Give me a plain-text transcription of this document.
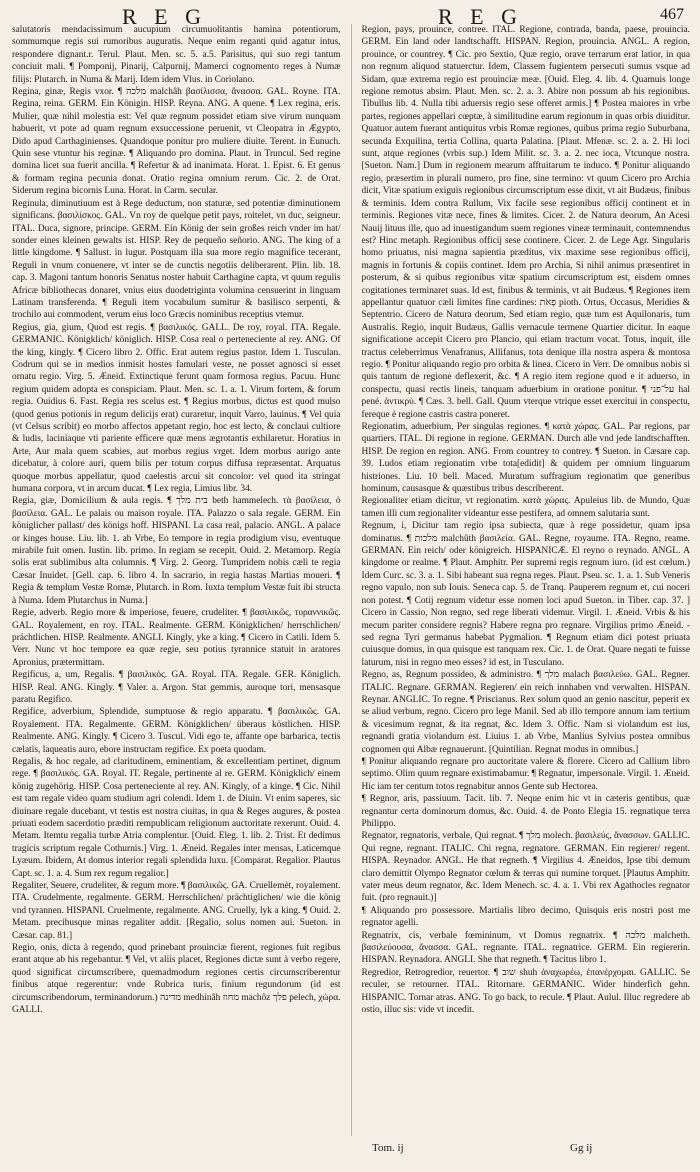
R E G	R E G	467

salutatoris mendacissimum aucupium circumuolitantis hamina potentiorum, sommumque regis sui rumoribus auguratis. Neque enim reganti quid agatur intus, respondere dignant.r. Terul. Plaut. Men. sc. 5. a.5. Parisitus, qui suo regi tantum conciuit mali. ¶ Pomponij, Pinarij, Calpurnij, Mamerci cognomento reges à Numæ filijs: Plutarch. in Numa & Marij. Idem idem Vlus. in Coriolano.

Regina, ginæ, Regis vxor. ¶ מלכה malchâh βασίλισσα, ἄνασσα. GAL. Royne. ITA. Regina, reina. GERM. Ein Königin. HISP. Reyna. ANG. A quene. ¶ Lex regina, eris. Mulier, quæ nihil molestia est: Vel quæ regnum possidet etiam sive virum nunquam habuerit, vt pote ad quam regnum exsuccessione peruenit, vt Cleopatra in Ægypto, Dido apud Carthaginienses. Quandoque ponitur pro muliere diuite. Terent. in Eunuch. Quin sese vtuntur his reginæ. ¶ Aliquando pro domina. Plaut. in Truncul. Sed regine domina licet sua fuerit ancilla. ¶ Refertur & ad inanimata. Horat. 1. Epist. 6. Et genus & formam regina pecunia donat. Oratio regina omnium rerum. Cic. 2. de Orat. Siderum regina bicornis Luna. Horat. in Carm. secular.

Reginula, diminutiuum est à Rege deductum, non staturæ, sed potentiæ diminutionem significans. βασιλίσκος. GAL. Vn roy de quelque petit pays, roitelet, vn duc, seigneur. ITAL. Duca, signore, principe. GERM. Ein König der sein großes reich vnder im hat/ sonder eines kleinen gewalts ist. HISP. Rey de pequeño señorio. ANG. The king of a little kingdome. ¶ Sallust. in lugur. Postquam illa sua more regio magnifice tecerant, Reguli in vnum conuenere, vt inter se de cunctis negotiis deliberarent. Plin. lib. 18. cap. 3. Magoni tantum honoris Senatus noster habuit Carthagine capta, vt quum regulis Africæ bibliothecas donaret, vnius eius duodetriginta volumina censuerint in linguam Latinam transferenda. ¶ Reguli item vocabulum sumitur & basilisco serpenti, & trochilo aui commodent, verum eius loco Græcis nominibus receptius vtemur.

Regius, gia, gium, Quod est regis. ¶ βασιλικός. GALL. De roy, royal. ITA. Regale. GERMANIC. Königklich/ königlich. HISP. Cosa real o perteneciente al rey. ANG. Of the king, kingly. ¶ Cicero libro 2. Offic. Erat autem regius pastor. Idem 1. Tusculan. Codrum qui se in medios inmisit hostes famulari veste, ne posset agnosci si esset ornatu regio. Virg. 5. Æneid. Extinctique ferunt quam formosa regius. Pacuu. Hunc regium quidem adopta es conspiciam. Plaut. Men. sc. 1. a. 1. Virum fortem, & forum regia. Ouidius 6. Fast. Regia res scelus est. ¶ Regius morbus, dictus est quod mulso (quod genus potionis in regum delicijs erat) curaretur, inquit Varro, lauinus. ¶ Vel quia (vt Celsus scribit) eo morbo affectos appetant regio, hoc est lecto, & conclaui cultiore & ludis, laciniaque vti pariente efficere quæ mens ægrotantis exhilaretur. Horatius in Arte, Aur mala quem scabies, aut morbus regius vrget. Idem morbus aurigo ante dicebatur, à colore auri, quem bilis per totum corpus diffusa repræsentat. Arquatus quoque morbus appellatur, quod caelestis arcui sit concolor: vel quod ita stringat humana corpora, vt in arcum ducat. ¶ Lex regia, Limius libr. 34.

Regia, giæ, Domicilium & aula regis. ¶ בית מלך beth hammelech. τὰ βασίλεια, ὁ βασίλεια. GAL. Le palais ou maison royale. ITA. Palazzo o sala regale. GERM. Ein königlicher pallast/ des königs hoff. HISPANI. La casa real, palacio. ANGL. A palace or kinges house. Liu. lib. 1. ab Vrbe, Eo tempore in regia prodigium visu, eventuque mirabile fuit omen. Iustin. lib. primo. In regiam se recepit. Ouid. 2. Metamorp. Regia solis erat sublimibus alta columnis. ¶ Virg. 2. Georg. Tumpridem nobis cæli te regia Cæsar Inuidet. [Gell. cap. 6. libro 4. In sacrario, in regia hastas Martias moueri. ¶ Regia & templum Vestæ Romæ, Plutarch. in Rom. Iuxta templum Vestæ fuit ibi structa à Numa. Idem Plutarchus in Numa.]

Regie, adverb. Regio more & imperiose, feuere, crudeliter. ¶ βασιλικῶς, τυραννικῶς. GAL. Royalement, en roy. ITAL. Realmente. GERM. Königklichen/ herrschlichen/ prächtlichen. HISP. Realmente. ANGLI. Kingly, yke a king. ¶ Cicero in Catili. Idem 5. Verr. Nunc vt hoc tempore ea quæ regie, seu potius tyrannice statuit in aratores Apronius, prætermittam.

Regificus, a, um, Regalis. ¶ βασιλικός. GA. Royal. ITA. Regale. GER. Königlich. HISP. Real. ANG. Kingly. ¶ Valer. a. Argon. Stat gemmis, auroque tori, mensasque paratu Regifico.

Regifice, adverbium, Splendide, sumptuose & regio apparatu. ¶ βασιλικῶς. GA. Royalement. ITA. Regalmente. GERM. Königklichen/ überaus köstlichen. HISP. Realmente. ANG. Kingly. ¶ Cicero 3. Tuscul. Vidi ego te, affante ope barbarica, tectis cælatis, laqueatis auro, ebore instructam regifice. Ex poeta quodam.

Regalis, & hoc regale, ad claritudinem, eminentiam, & excellentiam pertinet, dignum rege. ¶ βασιλικός. GA. Royal. IT. Regale, pertinente al re. GERM. Königklich/ einem könig zugehörig. HISP. Cosa perteneciente al rey. AN. Kingly, of a kinge. ¶ Cic. Nihil est tam regale video quam studium agri colendi. Idem 1. de Diuin. Vt enim saperes, sic diuinare regale ducebant, vt testis est nostra ciuitas, in qua & Reges augures, & postea priuati eodem sacerdotio præditi rempublicam religionum auctoritate rexerunt. Ouid. 4. Metam. Itemtu regalia turbæ Atria complentur. [Ouid. Eleg. 1. lib. 2. Trist. Et dedimus tragicis scriptum regale Cothurnis.] Virg. 1. Æneid. Regales inter mensas, Laticemque Lyæum. Ibidem, At domus interior regali splendida luxu. [Comparat. Regalior. Plautus Capt. sc. 1. a. 4. Sum rex regum regalior.]

Regaliter, Seuere, crudeliter, & regum more. ¶ βασιλικῶς. GA. Cruellemèt, royalement. ITA. Crudelmente, regalmente. GERM. Herrschlichen/ prächtiglichen/ wie die könig vnd tyrannen. HISPANI. Cruelmente, regalmente. ANG. Cruelly, lyk a king. ¶ Ouid. 2. Metam. precibusque minas regaliter addit. [Regalio, solus nomen aui. Sueton. in Cæsar. cap. 81.]

Regio, onis, dicta à regendo, quod prinebant prouinciæ fierent, regiones fuit regibus erant atque ab his regebantur. ¶ Vel, vt aliis placet, Regiones dictæ sunt à verbo regere, quod significat circumscribere, quemadmodum regiones certis circumscriberentur finibus atque regerentur: vnde Rubrica turis, finium regundorum (id est circumscribendorum, terminandorum.) מדינה medhinâh מחוז machôz פלך pelech, χώρα. GALLI.

Region, pays, prouince, contree. ITAL. Regione, contrada, banda, paese, prouincia. GERM. Ein land oder landtschafft. HISPAN. Region, prouincia. ANGL. A region, prouince, or countrey. ¶ Cic. pro Sextio, Quæ regio, orave terrarum erat latior, in qua non regnum aliquod statuerctur. Idem, Classem fugientem persecuti sumus vsque ad Sidam, quæ extrema regio est prouinciæ meæ. [Ouid. Eleg. 4. lib. 4. Quamuis longe regione remotus absim. Plaut. Men. sc. 2. a. 3. Abire non possum ab his regionibus. Tibullus lib. 4. Nulla tibi aduersis regio sese offeret armis.] ¶ Postea maiores in vrbe partes, regiones appellari cœptæ, à similitudine earum regionum in quas orbis diuiditur. Quatuor autem fuerant antiquitus vrbis Romæ regiones, quibus prima regio Suburbana, secunda Exquilina, tertia Collina, quarta Palatina. [Plaut. Mfenæ. sc. 2. a. 2. Hi loci sunt, atque regiones (vrbis sup.) Idem Milit. sc. 3. a. 2. nec ioca, Vtcunque nostra. [Sueton. Nam.] Dum in regionem mearum afftuitarum te induco. ¶ Ponitur aliquando regio, præsertim in plurali numero, pro fine, sine termino: vt quum Cicero pro Archia dicit, Vitæ spatium exiguis regionibus circumscriptum esse dixit, vt ait Budæus, finibus & terminis. Idem contra Rullum, Vix facile sese regionibus officij continent et in terminis. Regiones vitæ nece, fines & limites. Cicer. 2. de Natura deorum, An Acesi Nauij lituus ille, quo ad inuestigandum suem regiones vineæ terminauit, contemnendus est? Hinc metaph. Regionibus officij sese continere. Cicer. 2. de Lege Agr. Singularis homo priuatus, nisi magna sapientia præditus, vix maxime sese regionibus officij, magnis in fortunis & copiis continet. Idem pro Archia, Si nihil animus præsentiret in posterum, & si quibus regionibus vitæ spatium circumscriptum est, eisdem omnes cogitationes terminaret suas. Id est, finibus & terminis, vt ait Budæus. ¶ Regiones item appellantur quatuor cæli limites fine cardines: פְאֹת pioth. Ortus, Occasus, Meridies & Septentrio. Cicero de Natura deorum, Sed etiam regio, quæ tum est Aquilonaris, tum Australis. Regio, inquit Budæus, Gallis vernacule termene Quartier dicitur. In eaque significatione accepit Cicero pro Plancio, qui etiam tractum vocat. Totus, inquit, ille tractus celeberrimus Venafranus, Allifanus, tota denique illa nostra aspera & montosa regio. ¶ Ponitur aliquando regio pro orbita & linea. Cicero in Verr. De omnibus nobis si quis tantum de regione deflexerit, &c. ¶ A regio item regione quod e it aduerso, in conspectu, quasi rectis lineis, tanquam aduerbium in oratione ponitur. ¶ על־פני hal pené. ἀντικρὺ. ¶ Cæs. 3. bell. Gall. Quum vterque vtrique esset exercitui in conspectu, fereque è regione castris castra poneret.

Regionatim, aduerbium, Per singulas regiones. ¶ κατὰ χώρας. GAL. Par regions, par quartiers. ITAL. Di regione in regione. GERMAN. Durch alle vnd jede landtschafften. HISP. De region en region. ANG. From countrey to contrey. ¶ Sueton. in Cæsare cap. 39. Ludos etiam regionatim vrbe tota[edidit] & quidem per omnium linguarum histriones. Liu. 10 bell. Maced. Muratum suffragium regionatim que generibus hominum, causasque & quæstibus tribus describerent.

Regionaliter etiam dicitur, vt regionatim. κατὰ χώρας. Apuleius lib. de Mundo, Quæ tamen illi cum regionaliter videantur esse pestifera, ad omnem salutaria sunt.

Regnum, i, Dicitur tam regio ipsa subiecta, quæ à rege possidetur, quam ipsa dominatus. ¶ מלכות malchûth βασιλεία. GAL. Regne, royaume. ITA. Regno, reame. GERMAN. Ein reich/ oder königreich. HISPANICÆ. El reyno o reynado. ANGL. A kingdome or realme. ¶ Plaut. Amphitr. Per supremi regis regnum iuro. (id est cœlum.) Idem Curc. sc. 3. a. 1. Sibi habeant sua regna reges. Plaut. Pseu. sc. 1. a. 1. Sub Veneris regno vapulo, non sub Iouis. Seneca cap. 5. de Tranq. Pauperem regnum et, cui noceri non potest. ¶ Cotij regnum videtur esse nomen loci apud Sueton. in Tiber. cap. 37. ] Cicero in Cassio, Non regno, sed rege liberati videmur. Virgil. 1. Æneid. Vrbis & his mecum pariter considere regnis? Habere regna pro regnare. Virgilius primo Æneid. -sed regna Tyri germanus habebat Pygmalion. ¶ Regnum etiam dici potest priuata cuiusque domus, in qua quisque est tanquam rex. Cic. 1. de Orat. Quare negati te fuisse laturum, nisi in regno meo esses? id est, in Tusculano.

Regno, as, Regnum possideo, & administro. ¶ מלך malach βασιλεύω. GAL. Regner. ITALIC. Regnare. GERMAN. Regieren/ ein reich innhaben vnd verwalten. HISPAN. Reynar. ANGLIC. To regne. ¶ Priscianus. Rex solum quod an genio nascitur, peperit ex se aliud verbum, regno. Cicero pro lege Manil. Sed ab illo tempore annum iam tertium & vicesimum regnat, & ita regnat, &c. Idem 3. Offic. Nam si violandum est ius, regnandi gratia violandum est. Liuius 1. ab Vrbe, Manlius Sylvius postea omnibus cognomen qui Albæ regnauerunt. [Quintilian. Regnat modus in omnibus.]

¶ Ponitur aliquando regnare pro auctoritate valere & florere. Cicero ad Callium libro septimo. Olim quum regnare existimabamur. ¶ Regnatur, impersonale. Virgil. 1. Æneid. Hic iam ter centum totos regnabitur annos Gente sub Hectorea.

¶ Regnor, aris, passiuum. Tacit. lib. 7. Neque enim hic vt in cæteris gentibus, quæ regnantur certa dominorum domus, &c. Ouid. 4. de Ponto Elegia 15. regnatique terra Philippo.

Regnator, regnatoris, verbale, Qui regnat. ¶ מלך molech. βασιλεύς, ἄνασσων. GALLIC. Qui regne, regnant. ITALIC. Chi regna, regnatore. GERMAN. Ein regierer/ regent. HISPA. Reynador. ANGL. He that regneth. ¶ Virgilius 4. Æneidos, Ipse tibi demum claro demittit Olympo Regnator cœlum & terras qui numine torquet. [Plautus Amphitr. vater meus deum regnator, &c. Idem Menech. sc. 4. a. 1. Vbi rex Agathocles regnator fuit. (pro regnauit.)]

¶ Aliquando pro possessore. Martialis libro decimo, Quisquis eris nostri post me regnator agelli.

Regnatrix, cis, verbale fœmininum, vt Domus regnatrix. ¶ מלכה malcheth. βασιλεύουσα, ἄνασσα. GAL. regnante. ITAL. regnatrice. GERM. Ein regiererin. HISPAN. Reynadora. ANGLI. She that regneth. ¶ Tacitus libro 1.

Regredior, Retrogredior, reuertor. ¶ שוב shuh ἀναχωρέω, ἐπανέρχομαι. GALLIC. Se reculer, se retourner. ITAL. Ritornare. GERMANIC. Wider hinderfich gehn. HISPANIC. Tornar atras. ANG. To go back, to recule. ¶ Plaut. Aulul. Illuc regredere ab ostio, illuc sis: vide vt incedit.

Tom. ij	Gg ij
